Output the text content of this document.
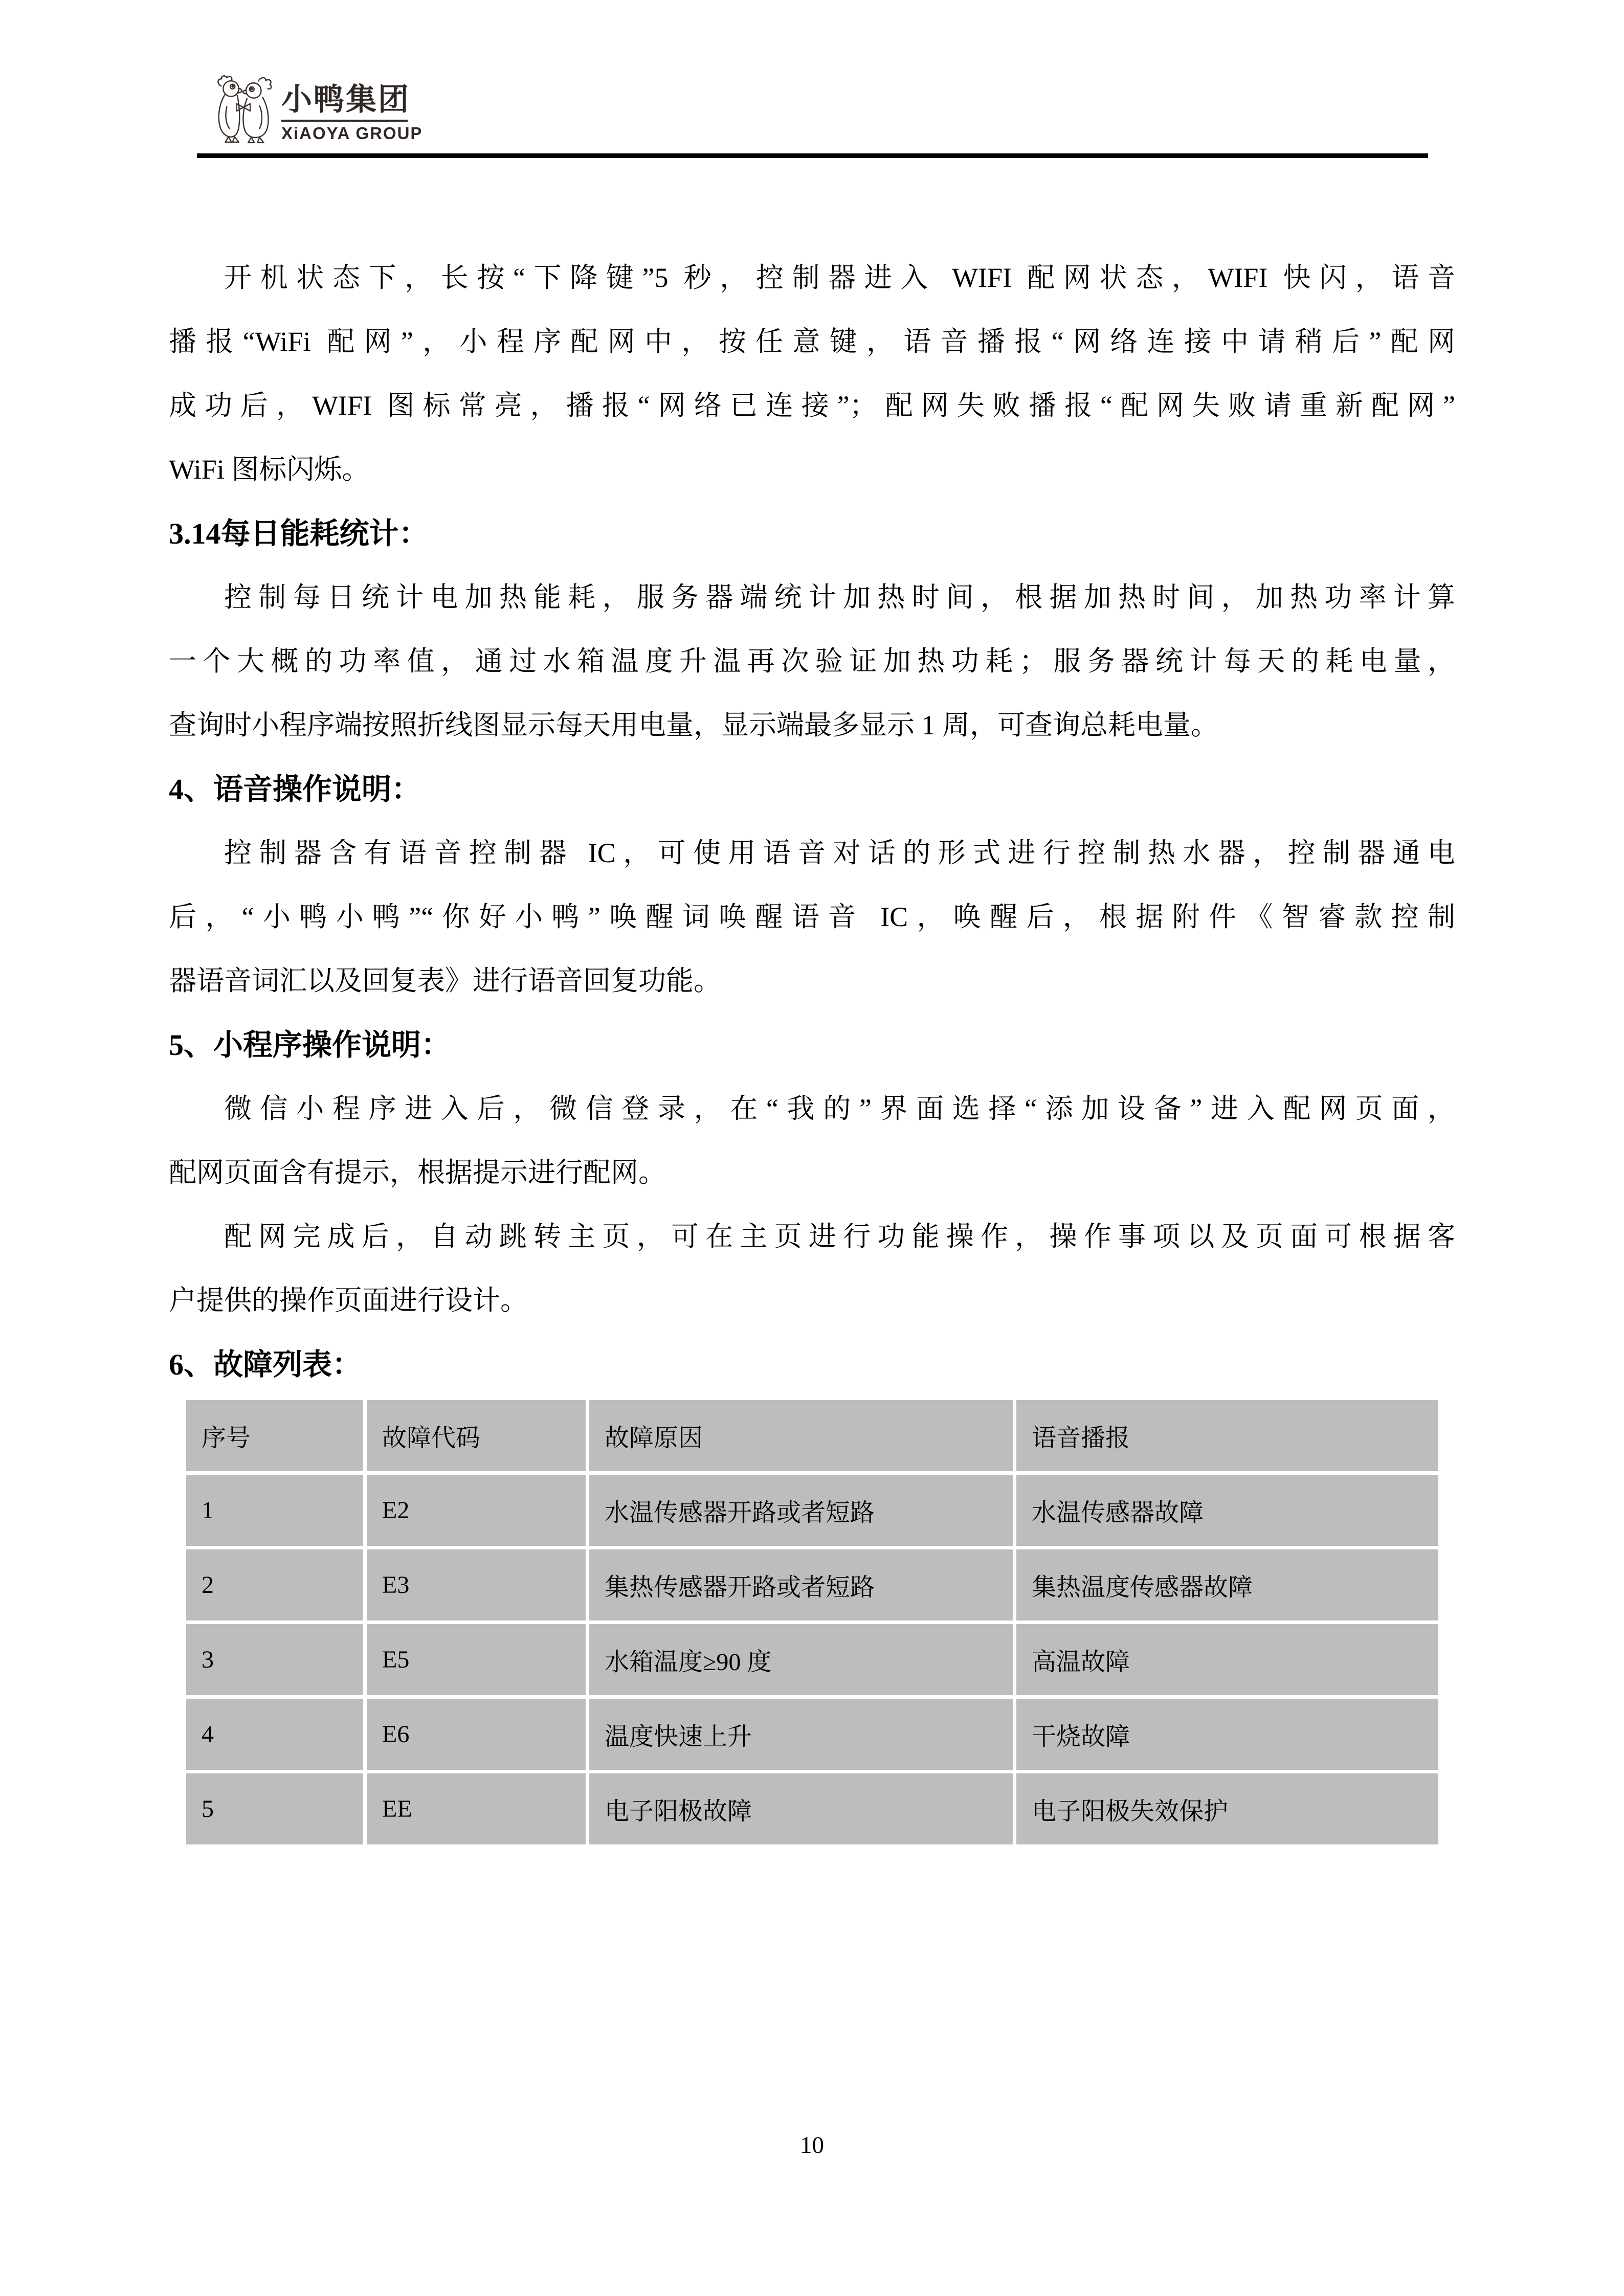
小鸭集团
XiAOYA GROUP
开机状态下，长按“下降键”5 秒，控制器进入 WIFI 配网状态，WIFI 快闪，语音
播报“WiFi 配网”，小程序配网中，按任意键，语音播报“网络连接中请稍后”配网
成功后，WIFI 图标常亮，播报“网络已连接”；配网失败播报“配网失败请重新配网”
WiFi 图标闪烁。
3.14每日能耗统计：
控制每日统计电加热能耗，服务器端统计加热时间，根据加热时间，加热功率计算
一个大概的功率值，通过水箱温度升温再次验证加热功耗；服务器统计每天的耗电量，
查询时小程序端按照折线图显示每天用电量，显示端最多显示 1 周，可查询总耗电量。
4、语音操作说明：
控制器含有语音控制器 IC，可使用语音对话的形式进行控制热水器，控制器通电
后，“小鸭小鸭”“你好小鸭”唤醒词唤醒语音 IC，唤醒后，根据附件《智睿款控制
器语音词汇以及回复表》进行语音回复功能。
5、小程序操作说明：
微信小程序进入后，微信登录，在“我的”界面选择“添加设备”进入配网页面，
配网页面含有提示，根据提示进行配网。
配网完成后，自动跳转主页，可在主页进行功能操作，操作事项以及页面可根据客
户提供的操作页面进行设计。
6、故障列表：
序号	故障代码	故障原因	语音播报
1	E2	水温传感器开路或者短路	水温传感器故障
2	E3	集热传感器开路或者短路	集热温度传感器故障
3	E5	水箱温度≥90 度	高温故障
4	E6	温度快速上升	干烧故障
5	EE	电子阳极故障	电子阳极失效保护
10
